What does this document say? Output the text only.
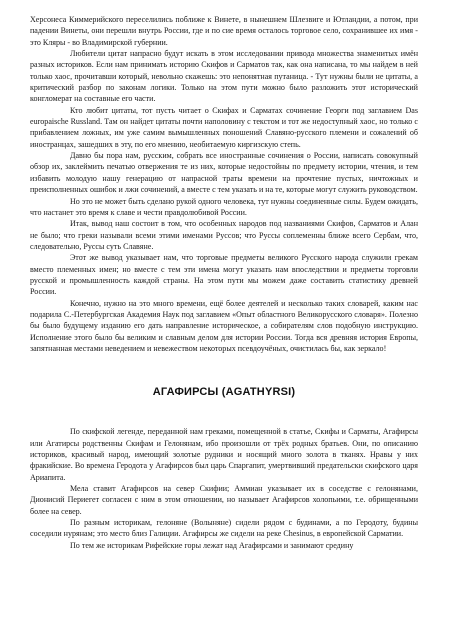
Херсонеса Киммерийского переселились поближе к Винете, в нынешнем Шлезвиге и Ютландии, а потом, при падении Винеты, они перешли внутрь России, где и по сие время осталось торговое село, сохранившее их имя - это Кляры - во Владимирской губернии.

Любители цитат напрасно будут искать в этом исследовании привода множества знаменитых имён разных историков. Если нам принимать историю Скифов и Сарматов так, как она написана, то мы найдем в ней только хаос, прочитавши который, невольно скажешь: это непонятная путаница. - Тут нужны были не цитаты, а критический разбор по законам логики. Только на этом пути можно было разложить этот исторический конгломерат на составные его части.

Кто любит цитаты, тот пусть читает о Скифах и Сарматах сочинение Георги под заглавием Das europaische Russland. Там он найдет цитаты почти наполовину с текстом и тот же недоступный хаос, но только с прибавлением ложных, им уже самим вымышленных поношений Славяно-русского племени и сожалений об иностранцах, зашедших в эту, по его мнению, необитаемую киргизскую степь.

Давно бы пора нам, русским, собрать все иностранные сочинения о России, написать совокупный обзор их, заклеймить печатью отвержения те из них, которые недостойны по предмету истории, чтения, и тем избавить молодую нашу генерацию от напрасной траты времени на прочтение пустых, ничтожных и преисполненных ошибок и лжи сочинений, а вместе с тем указать и на те, которые могут служить руководством.

Но это не может быть сделано рукой одного человека, тут нужны соединенные силы. Будем ожидать, что настанет это время к славе и чести правдолюбивой России.

Итак, вывод наш состоит в том, что особенных народов под названиями Скифов, Сарматов и Алан не было; что греки называли всеми этими именами Руссов; что Руссы соплеменны ближе всего Сербам, что, следовательно, Руссы суть Славяне.

Этот же вывод указывает нам, что торговые предметы великого Русского народа служили грекам вместо племенных имен; но вместе с тем эти имена могут указать нам впоследствии и предметы торговли русской и промышленность каждой страны. На этом пути мы можем даже составить статистику древней России.

Конечно, нужно на это много времени, ещё более деятелей и несколько таких словарей, каким нас подарила С.-Петербургская Академия Наук под заглавием «Опыт областного Великорусского словаря». Полезно бы было будущему изданию его дать направление историческое, а собирателям слов подобную инструкцию. Исполнение этого было бы великим и славным делом для истории России. Тогда вся древняя история Европы, запятнанная местами неведением и невежеством некоторых псевдоучёных, очистилась бы, как зеркало!

АГАФИРСЫ (AGATHYRSI)

По скифской легенде, переданной нам греками, помещенной в статье, Скифы и Сарматы, Агафирсы или Агатирсы родственны Скифам и Гелонянам, ибо произошли от трёх родных братьев. Они, по описанию историков, красивый народ, имеющий золотые рудники и носящий много золота в тканях. Нравы у них фракийские. Во времена Геродота у Агафирсов был царь Спаргапит, умертвивший предательски скифского царя Ариапита.

Мела ставит Агафирсов на север Скифии; Аммиан указывает их в соседстве с гелонянами, Дионисий Периегет согласен с ним в этом отношении, но называет Агафирсов холопьими, т.е. обрищенными более на север.

По разным историкам, гелоняне (Волыняне) сидели рядом с будинами, а по Геродоту, будины соседили нурянам; это место близ Галиции. Агафирсы же сидели на реке Chesinus, в европейской Сарматии.

По тем же историкам Рифейские горы лежат над Агафирсами и занимают средину
